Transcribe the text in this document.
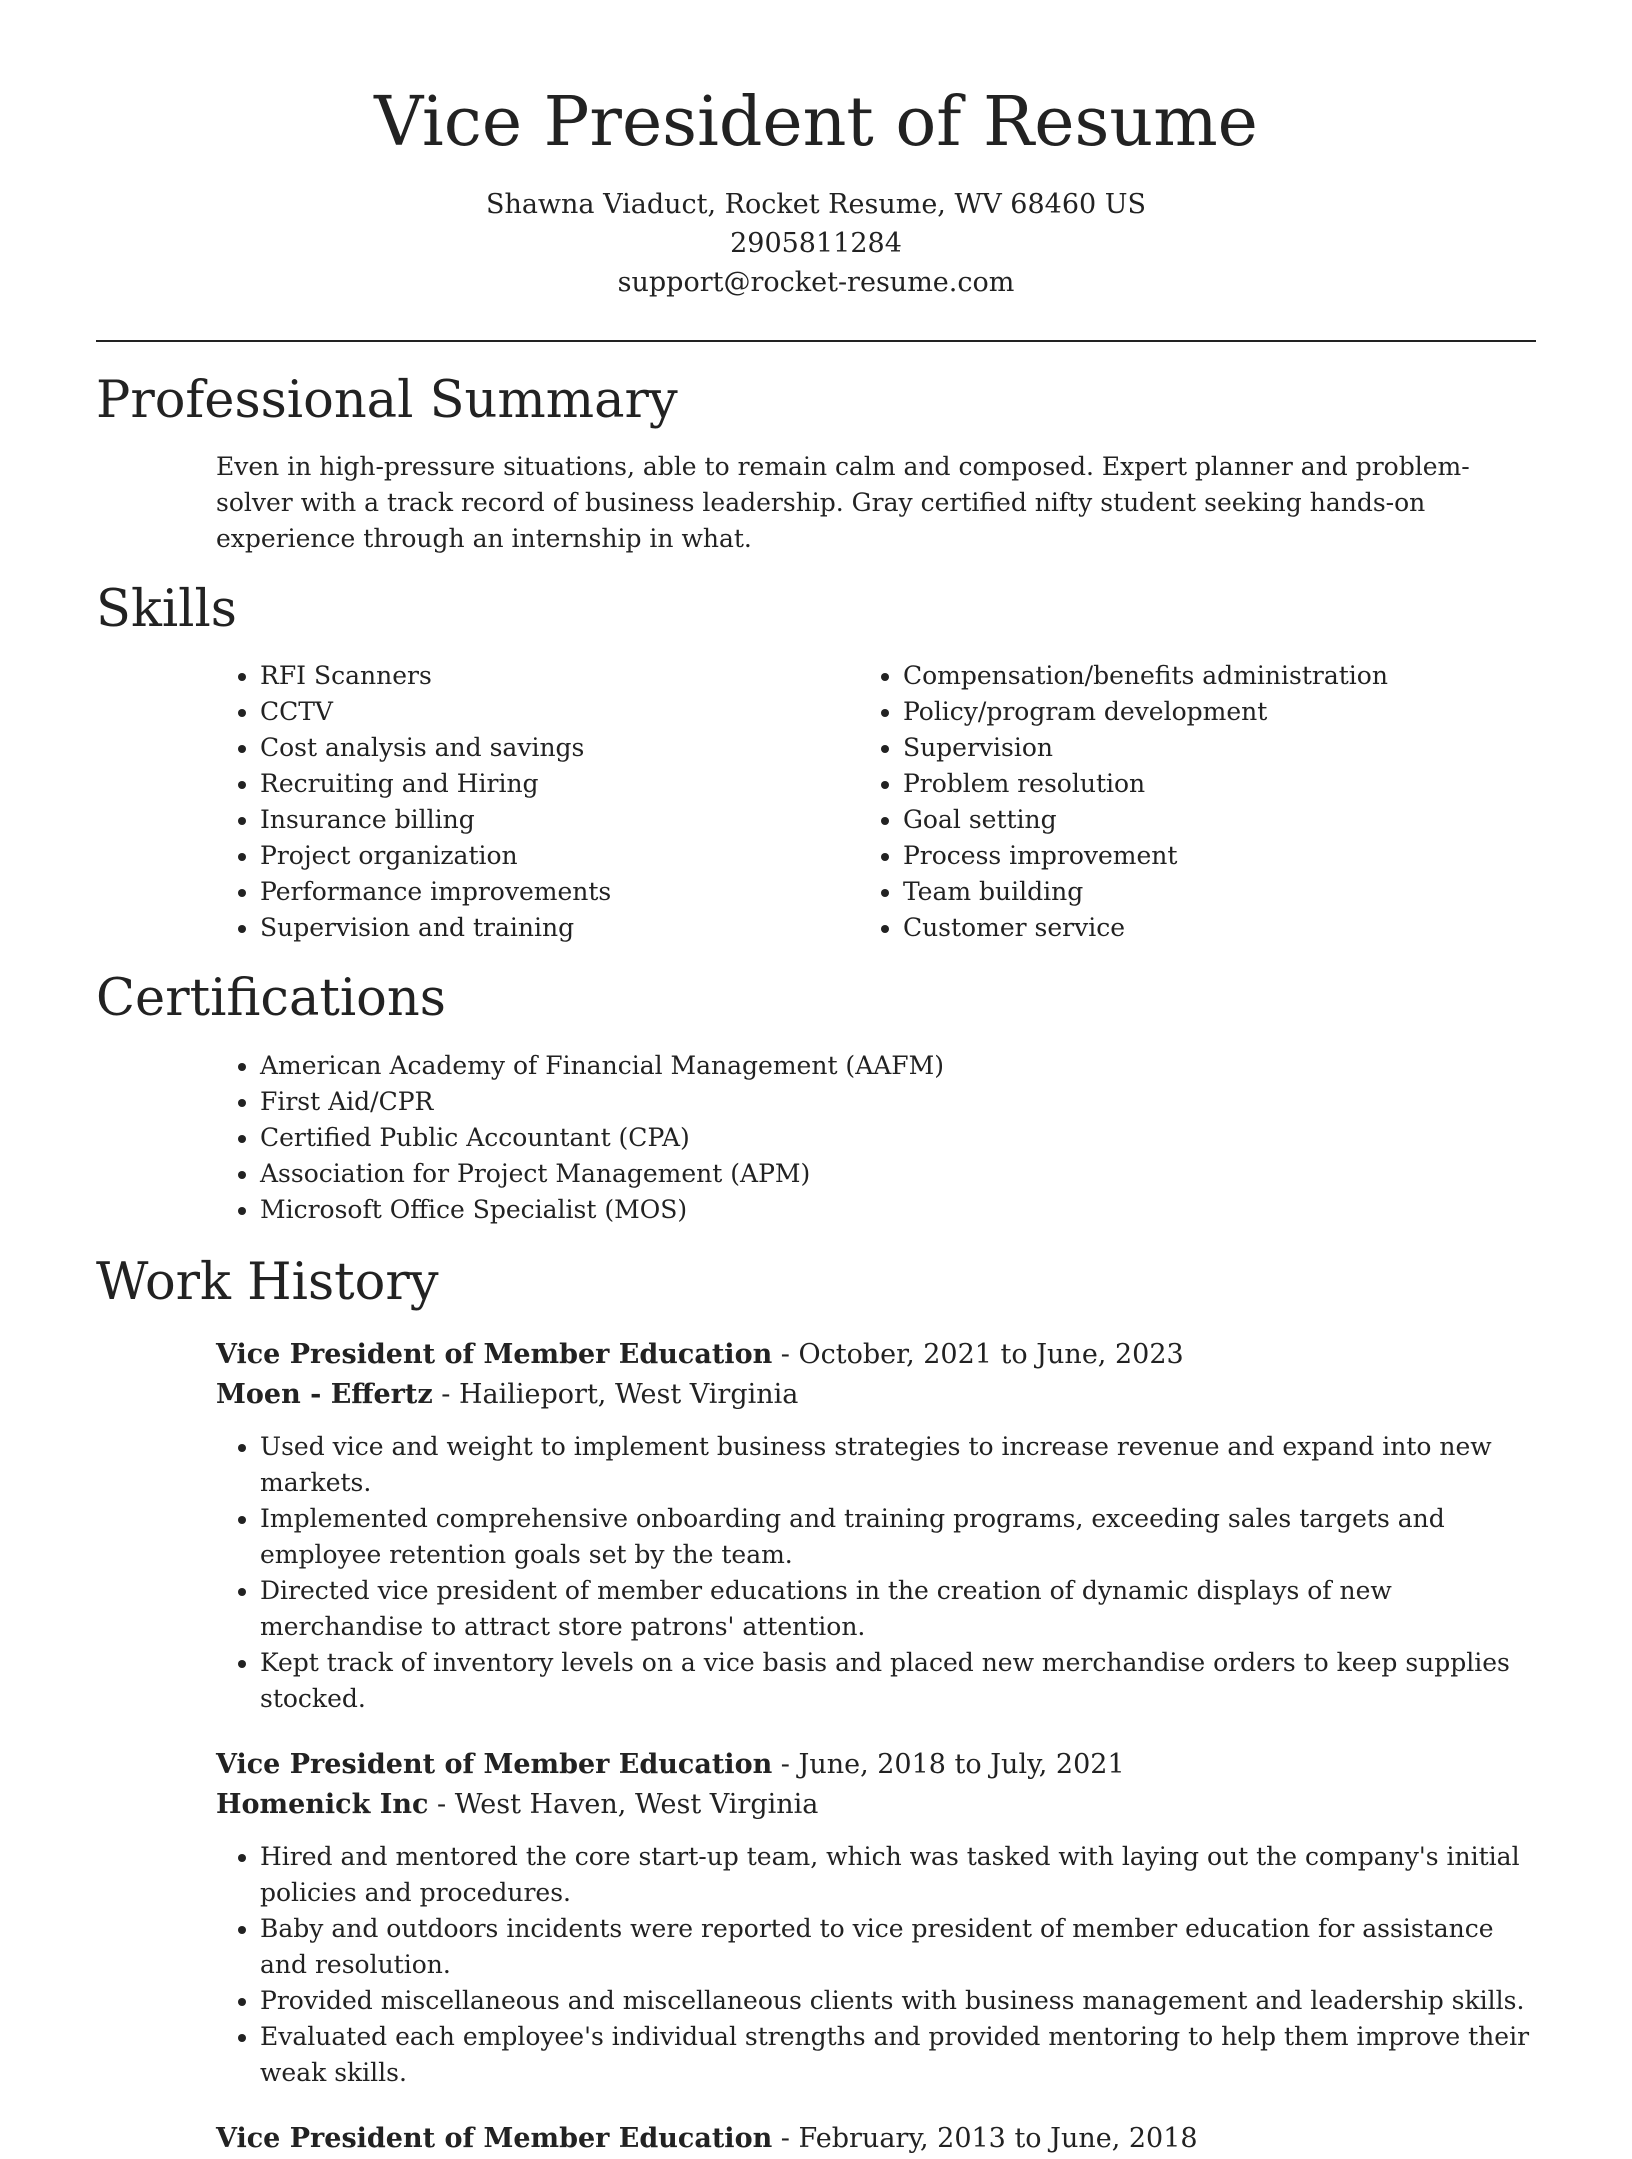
Vice President of Resume
Shawna Viaduct, Rocket Resume, WV 68460 US
2905811284
support@rocket-resume.com
Professional Summary
Even in high-pressure situations, able to remain calm and composed. Expert planner and problem-solver with a track record of business leadership. Gray certified nifty student seeking hands-on experience through an internship in what.
Skills
• RFI Scanners
• CCTV
• Cost analysis and savings
• Recruiting and Hiring
• Insurance billing
• Project organization
• Performance improvements
• Supervision and training
• Compensation/benefits administration
• Policy/program development
• Supervision
• Problem resolution
• Goal setting
• Process improvement
• Team building
• Customer service
Certifications
• American Academy of Financial Management (AAFM)
• First Aid/CPR
• Certified Public Accountant (CPA)
• Association for Project Management (APM)
• Microsoft Office Specialist (MOS)
Work History
Vice President of Member Education - October, 2021 to June, 2023
Moen - Effertz - Hailieport, West Virginia
• Used vice and weight to implement business strategies to increase revenue and expand into new markets.
• Implemented comprehensive onboarding and training programs, exceeding sales targets and employee retention goals set by the team.
• Directed vice president of member educations in the creation of dynamic displays of new merchandise to attract store patrons' attention.
• Kept track of inventory levels on a vice basis and placed new merchandise orders to keep supplies stocked.
Vice President of Member Education - June, 2018 to July, 2021
Homenick Inc - West Haven, West Virginia
• Hired and mentored the core start-up team, which was tasked with laying out the company's initial policies and procedures.
• Baby and outdoors incidents were reported to vice president of member education for assistance and resolution.
• Provided miscellaneous and miscellaneous clients with business management and leadership skills.
• Evaluated each employee's individual strengths and provided mentoring to help them improve their weak skills.
Vice President of Member Education - February, 2013 to June, 2018
